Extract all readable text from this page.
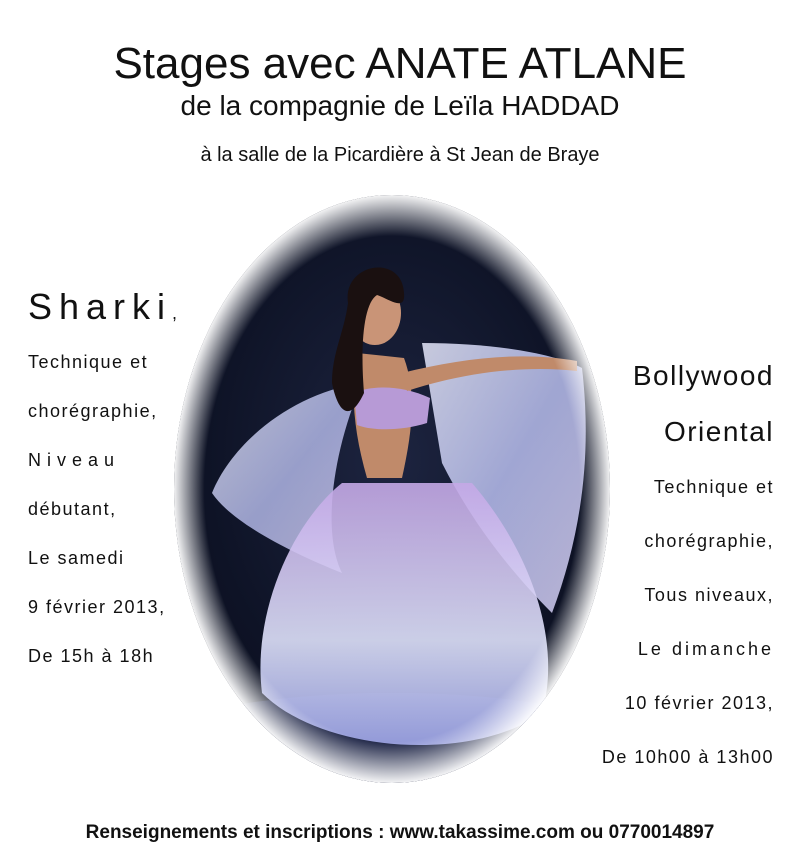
Stages avec ANATE ATLANE
de la compagnie de Leïla HADDAD
à la salle de la Picardière à St Jean de Braye
Sharki,
Technique et
chorégraphie,
Niveau
débutant,
Le samedi
9 février 2013,
De 15h à 18h
Bollywood
Oriental
Technique et
chorégraphie,
Tous niveaux,
Le dimanche
10 février 2013,
De 10h00 à 13h00
Renseignements et inscriptions : www.takassime.com ou 0770014897
